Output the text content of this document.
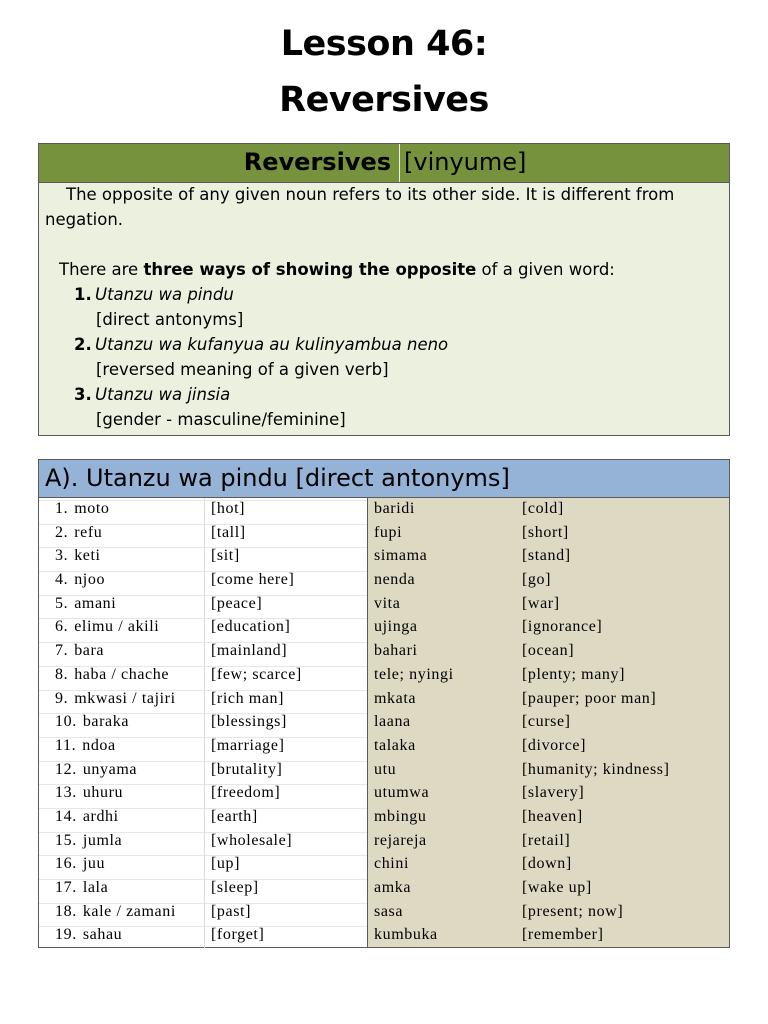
Lesson 46:
Reversives
Reversives [vinyume]
The opposite of any given noun refers to its other side. It is different from
negation.
There are three ways of showing the opposite of a given word:
1. Utanzu wa pindu
[direct antonyms]
2. Utanzu wa kufanyua au kulinyambua neno
[reversed meaning of a given verb]
3. Utanzu wa jinsia
[gender - masculine/feminine]
A). Utanzu wa pindu [direct antonyms]
1. moto	[hot]	baridi	[cold]
2. refu	[tall]	fupi	[short]
3. keti	[sit]	simama	[stand]
4. njoo	[come here]	nenda	[go]
5. amani	[peace]	vita	[war]
6. elimu / akili	[education]	ujinga	[ignorance]
7. bara	[mainland]	bahari	[ocean]
8. haba / chache	[few; scarce]	tele; nyingi	[plenty; many]
9. mkwasi / tajiri [rich man]	mkata	[pauper; poor man]
10. baraka	[blessings]	laana	[curse]
11. ndoa	[marriage]	talaka	[divorce]
12. unyama	[brutality]	utu	[humanity; kindness]
13. uhuru	[freedom]	utumwa	[slavery]
14. ardhi	[earth]	mbingu	[heaven]
15. jumla	[wholesale]	rejareja	[retail]
16. juu	[up]	chini	[down]
17. lala	[sleep]	amka	[wake up]
18. kale / zamani [past]	sasa	[present; now]
19. sahau	[forget]	kumbuka	[remember]
